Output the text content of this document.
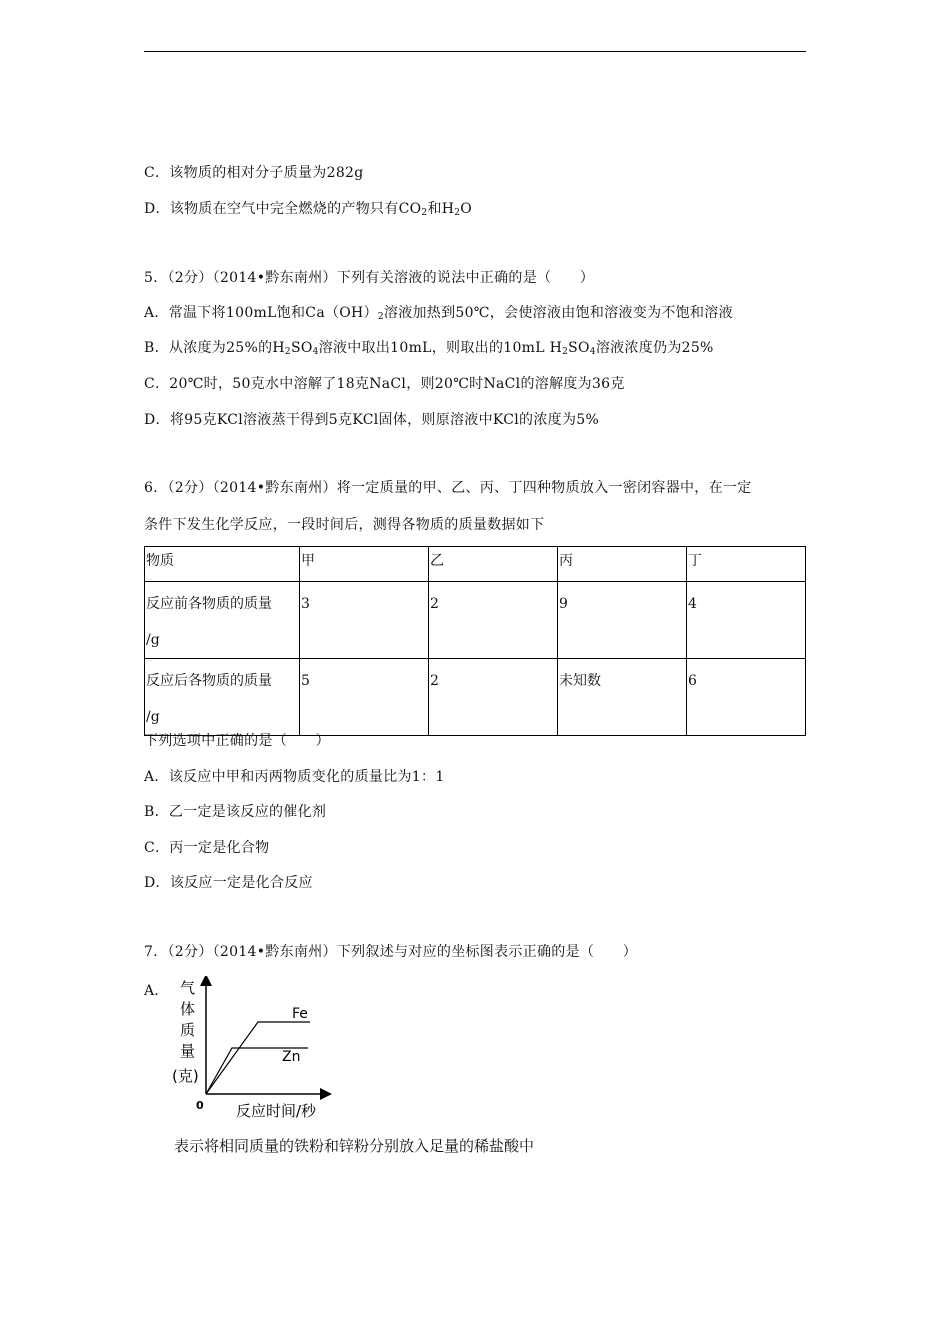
C．该物质的相对分子质量为282g
D．该物质在空气中完全燃烧的产物只有$CO_2$和$H_2O$
5．（2分）（2014•黔东南州）下列有关溶液的说法中正确的是（　　）
A．常温下将100mL饱和$Ca(OH)_2$溶液加热到50℃，会使溶液由饱和溶液变为不饱和溶液
B．从浓度为25%的$H_2SO_4$溶液中取出10mL，则取出的10mL $H_2SO_4$溶液浓度仍为25%
C．20℃时，50克水中溶解了18克NaCl，则20℃时NaCl的溶解度为36克
D．将95克KCl溶液蒸干得到5克KCl固体，则原溶液中KCl的浓度为5%
6．（2分）（2014•黔东南州）将一定质量的甲、乙、丙、丁四种物质放入一密闭容器中，在一定
条件下发生化学反应，一段时间后，测得各物质的质量数据如下
物质	甲	乙	丙	丁
反应前各物质的质量
/g	3	2	9	4
反应后各物质的质量
/g	5	2	未知数	6
下列选项中正确的是（　　）
A．该反应中甲和丙两物质变化的质量比为1：1
B．乙一定是该反应的催化剂
C．丙一定是化合物
D．该反应一定是化合反应
7．（2分）（2014•黔东南州）下列叙述与对应的坐标图表示正确的是（　　）
A． 气
体
质
量
(克)
Fe
Zn
0 反应时间/秒
表示将相同质量的铁粉和锌粉分别放入足量的稀盐酸中
